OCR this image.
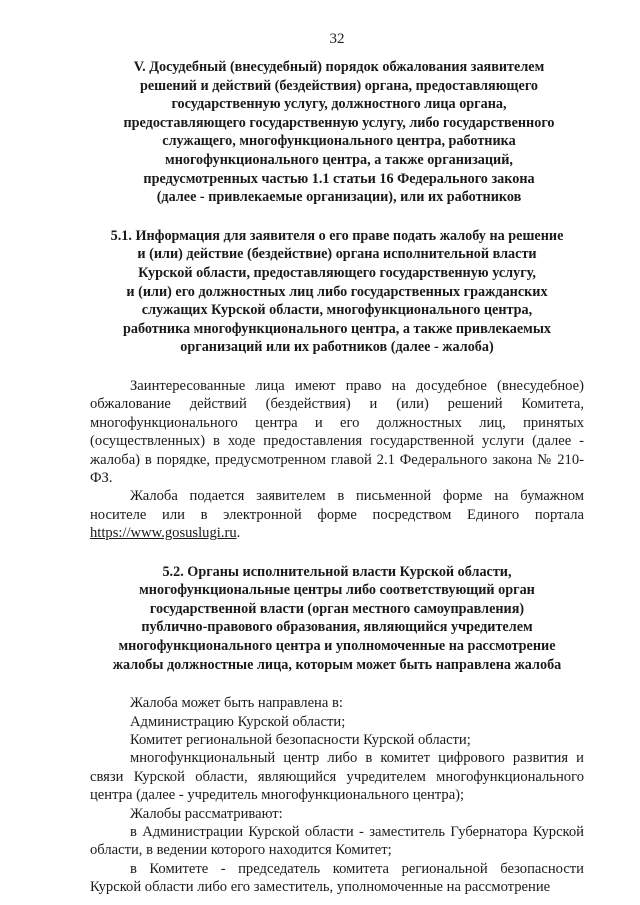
32
V. Досудебный (внесудебный) порядок обжалования заявителем
решений и действий (бездействия) органа, предоставляющего
государственную услугу, должностного лица органа,
предоставляющего государственную услугу, либо государственного
служащего, многофункционального центра, работника
многофункционального центра, а также организаций,
предусмотренных частью 1.1 статьи 16 Федерального закона
(далее - привлекаемые организации), или их работников
5.1. Информация для заявителя о его праве подать жалобу на решение
и (или) действие (бездействие) органа исполнительной власти
Курской области, предоставляющего государственную услугу,
и (или) его должностных лиц либо государственных гражданских
служащих Курской области, многофункционального центра,
работника многофункционального центра, а также привлекаемых
организаций или их работников (далее - жалоба)

Заинтересованные лица имеют право на досудебное (внесудебное) обжалование действий (бездействия) и (или) решений Комитета, многофункционального центра и его должностных лиц, принятых (осуществленных) в ходе предоставления государственной услуги (далее - жалоба) в порядке, предусмотренном главой 2.1 Федерального закона № 210-ФЗ.

Жалоба подается заявителем в письменной форме на бумажном носителе или в электронной форме посредством Единого портала https://www.gosuslugi.ru.

5.2. Органы исполнительной власти Курской области,
многофункциональные центры либо соответствующий орган
государственной власти (орган местного самоуправления)
публично-правового образования, являющийся учредителем
многофункционального центра и уполномоченные на рассмотрение
жалобы должностные лица, которым может быть направлена жалоба

Жалоба может быть направлена в:

Администрацию Курской области;

Комитет региональной безопасности Курской области;

многофункциональный центр либо в комитет цифрового развития и связи Курской области, являющийся учредителем многофункционального центра (далее - учредитель многофункционального центра);

Жалобы рассматривают:

в Администрации Курской области - заместитель Губернатора Курской области, в ведении которого находится Комитет;

в Комитете - председатель комитета региональной безопасности Курской области либо его заместитель, уполномоченные на рассмотрение
